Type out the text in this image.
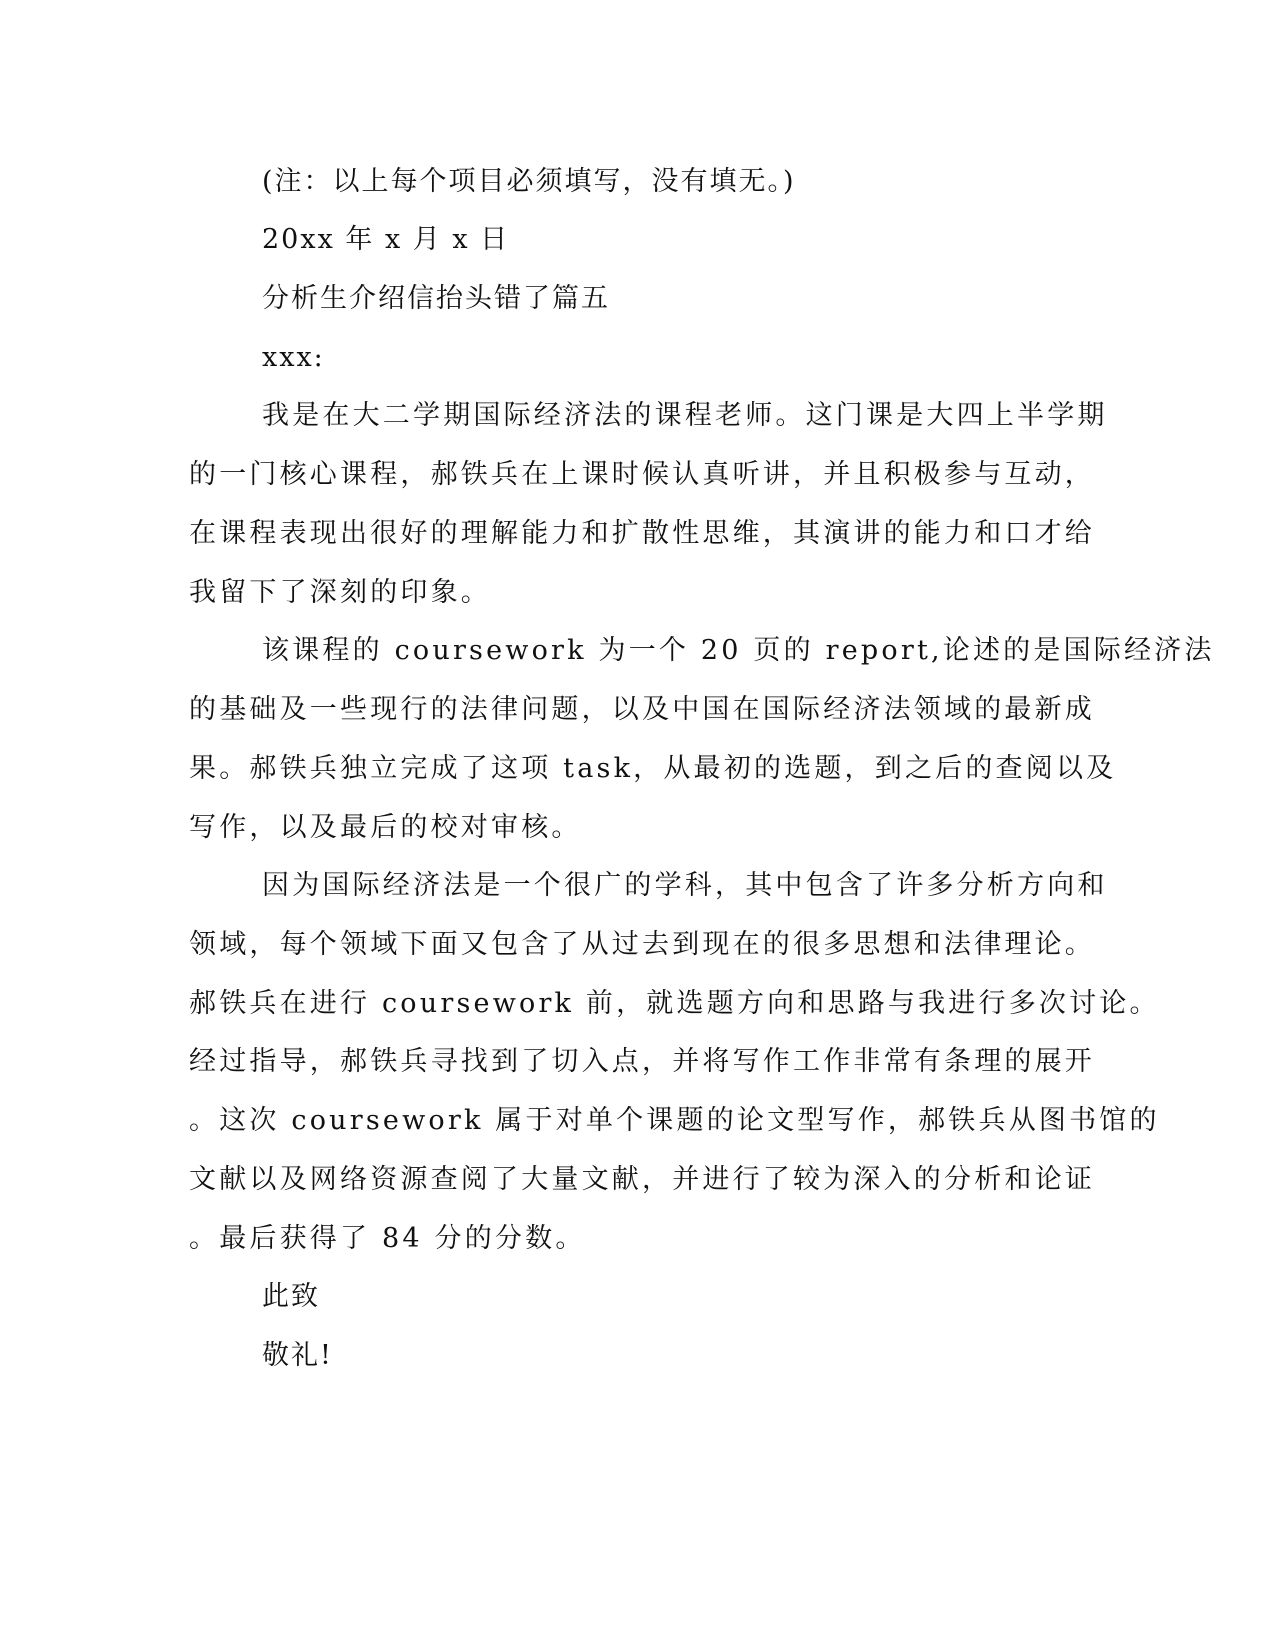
(注：以上每个项目必须填写，没有填无。)
20xx 年 x 月 x 日
分析生介绍信抬头错了篇五
xxx:
我是在大二学期国际经济法的课程老师。这门课是大四上半学期
的一门核心课程，郝铁兵在上课时候认真听讲，并且积极参与互动，
在课程表现出很好的理解能力和扩散性思维，其演讲的能力和口才给
我留下了深刻的印象。
该课程的 coursework 为一个 20 页的 report,论述的是国际经济法
的基础及一些现行的法律问题，以及中国在国际经济法领域的最新成
果。郝铁兵独立完成了这项 task，从最初的选题，到之后的查阅以及
写作，以及最后的校对审核。
因为国际经济法是一个很广的学科，其中包含了许多分析方向和
领域，每个领域下面又包含了从过去到现在的很多思想和法律理论。
郝铁兵在进行 coursework 前，就选题方向和思路与我进行多次讨论。
经过指导，郝铁兵寻找到了切入点，并将写作工作非常有条理的展开
。这次 coursework 属于对单个课题的论文型写作，郝铁兵从图书馆的
文献以及网络资源查阅了大量文献，并进行了较为深入的分析和论证
。最后获得了 84 分的分数。
此致
敬礼!
